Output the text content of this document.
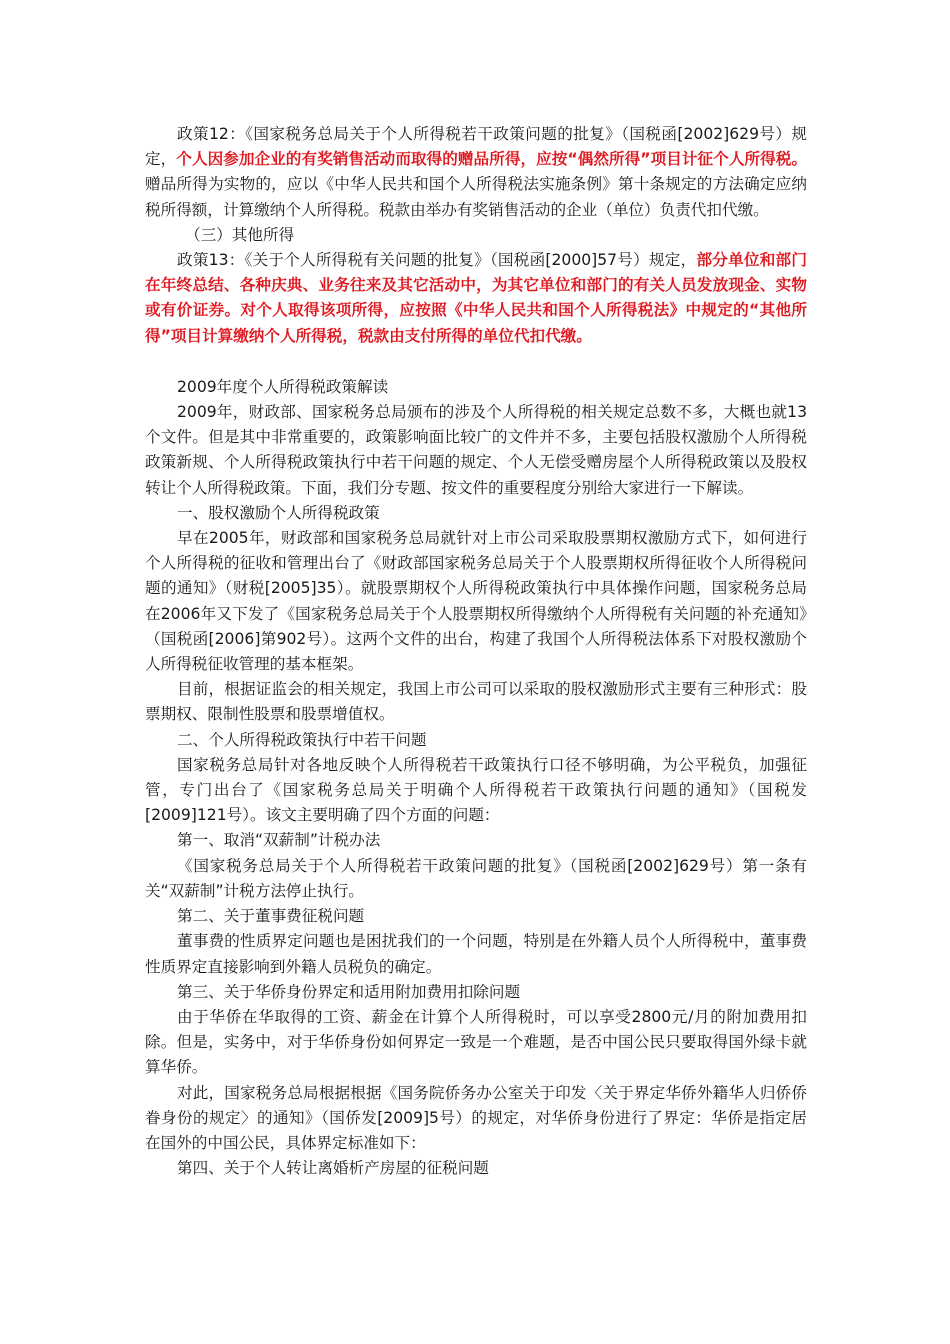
政策12：《国家税务总局关于个人所得税若干政策问题的批复》（国税函[2002]629号）规定，个人因参加企业的有奖销售活动而取得的赠品所得，应按“偶然所得”项目计征个人所得税。赠品所得为实物的，应以《中华人民共和国个人所得税法实施条例》第十条规定的方法确定应纳税所得额，计算缴纳个人所得税。税款由举办有奖销售活动的企业（单位）负责代扣代缴。

（三）其他所得

政策13：《关于个人所得税有关问题的批复》（国税函[2000]57号）规定，部分单位和部门在年终总结、各种庆典、业务往来及其它活动中，为其它单位和部门的有关人员发放现金、实物或有价证券。对个人取得该项所得，应按照《中华人民共和国个人所得税法》中规定的“其他所得”项目计算缴纳个人所得税，税款由支付所得的单位代扣代缴。

2009年度个人所得税政策解读

2009年，财政部、国家税务总局颁布的涉及个人所得税的相关规定总数不多，大概也就13个文件。但是其中非常重要的，政策影响面比较广的文件并不多，主要包括股权激励个人所得税政策新规、个人所得税政策执行中若干问题的规定、个人无偿受赠房屋个人所得税政策以及股权转让个人所得税政策。下面，我们分专题、按文件的重要程度分别给大家进行一下解读。

一、股权激励个人所得税政策

早在2005年，财政部和国家税务总局就针对上市公司采取股票期权激励方式下，如何进行个人所得税的征收和管理出台了《财政部国家税务总局关于个人股票期权所得征收个人所得税问题的通知》（财税[2005]35）。就股票期权个人所得税政策执行中具体操作问题，国家税务总局在2006年又下发了《国家税务总局关于个人股票期权所得缴纳个人所得税有关问题的补充通知》（国税函[2006]第902号）。这两个文件的出台，构建了我国个人所得税法体系下对股权激励个人所得税征收管理的基本框架。

目前，根据证监会的相关规定，我国上市公司可以采取的股权激励形式主要有三种形式：股票期权、限制性股票和股票增值权。

二、个人所得税政策执行中若干问题

国家税务总局针对各地反映个人所得税若干政策执行口径不够明确，为公平税负，加强征管，专门出台了《国家税务总局关于明确个人所得税若干政策执行问题的通知》（国税发[2009]121号）。该文主要明确了四个方面的问题：

第一、取消“双薪制”计税办法

《国家税务总局关于个人所得税若干政策问题的批复》（国税函[2002]629号）第一条有关“双薪制”计税方法停止执行。

第二、关于董事费征税问题

董事费的性质界定问题也是困扰我们的一个问题，特别是在外籍人员个人所得税中，董事费性质界定直接影响到外籍人员税负的确定。

第三、关于华侨身份界定和适用附加费用扣除问题

由于华侨在华取得的工资、薪金在计算个人所得税时，可以享受2800元/月的附加费用扣除。但是，实务中，对于华侨身份如何界定一致是一个难题，是否中国公民只要取得国外绿卡就算华侨。

对此，国家税务总局根据根据《国务院侨务办公室关于印发〈关于界定华侨外籍华人归侨侨眷身份的规定〉的通知》（国侨发[2009]5号）的规定，对华侨身份进行了界定：华侨是指定居在国外的中国公民，具体界定标准如下：

第四、关于个人转让离婚析产房屋的征税问题
